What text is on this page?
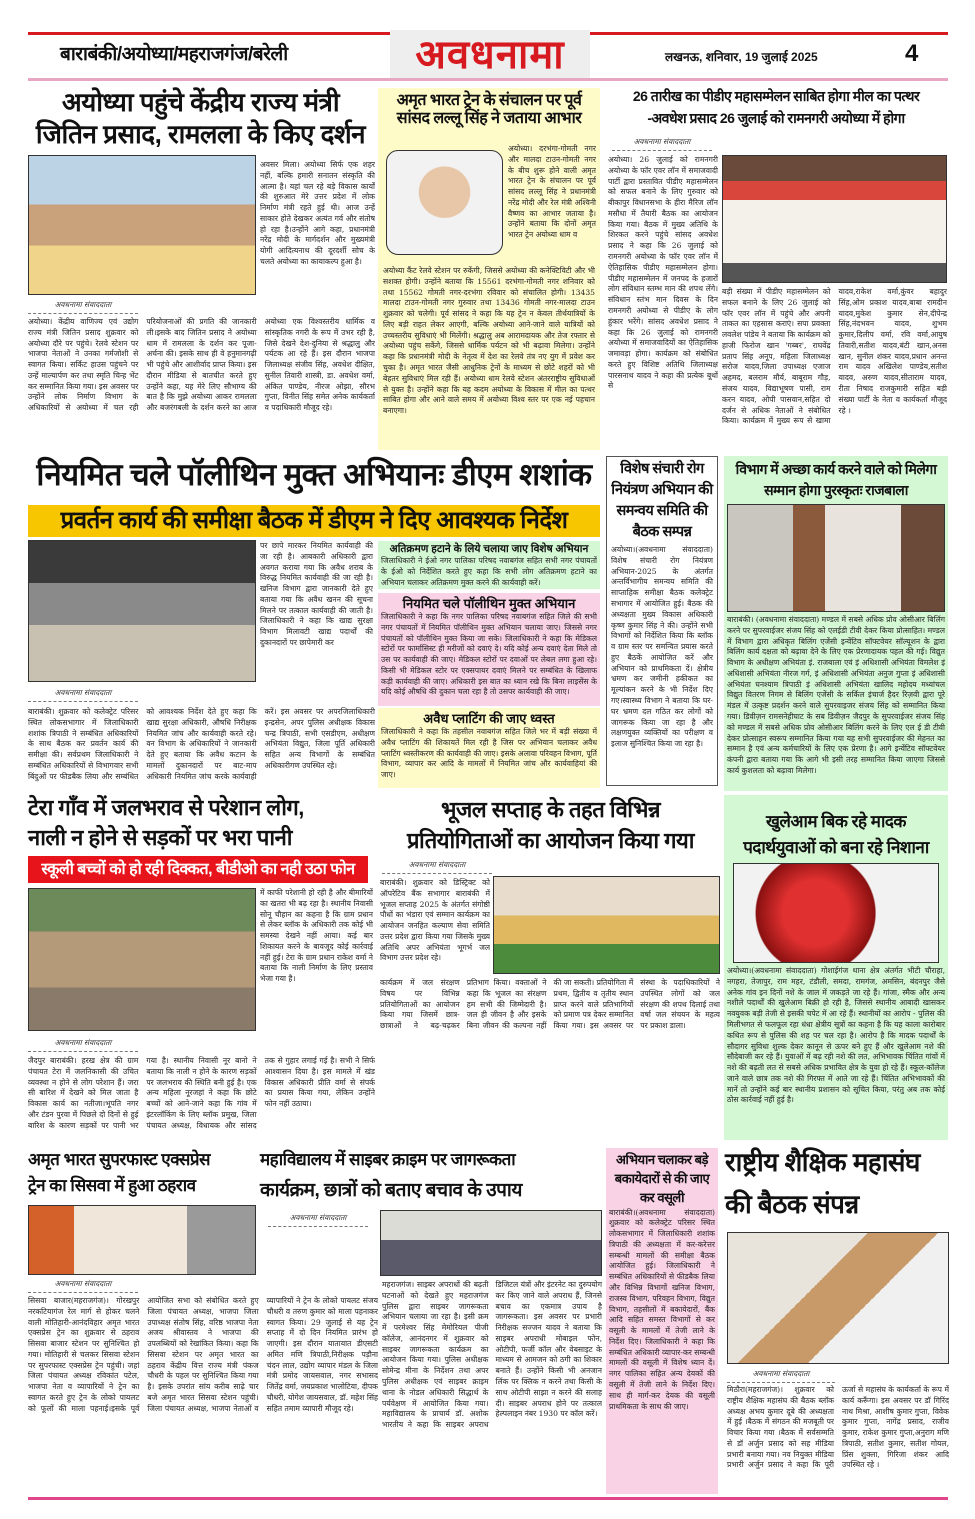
बाराबंकी/अयोध्या/महराजगंज/बरेली	अवधनामा	लखनऊ, शनिवार, 19 जुलाई 2025	4
अयोध्या पहुंचे केंद्रीय राज्य मंत्री
जितिन प्रसाद, रामलला के किए दर्शन
अवसर मिला। अयोध्या सिर्फ एक शहर नहीं, बल्कि हमारी सनातन संस्कृति की आत्मा है। यहां चल रहे बड़े विकास कार्यों की शुरुआत मेरे उत्तर प्रदेश में लोक निर्माण मंत्री रहते हुई थी। आज उन्हें साकार होते देखकर अत्यंत गर्व और संतोष हो रहा है।उन्होंने आगे कहा, प्रधानमंत्री नरेंद्र मोदी के मार्गदर्शन और मुख्यमंत्री योगी आदित्यनाथ की दूरदर्शी सोच के चलते अयोध्या का कायाकल्प हुआ है।
अवधनामा संवाददाता
अयोध्या। केंद्रीय वाणिज्य एवं उद्योग राज्य मंत्री जितिन प्रसाद शुक्रवार को अयोध्या दौरे पर पहुंचे। रेलवे स्टेशन पर भाजपा नेताओं ने उनका गर्मजोशी से स्वागत किया। सर्किट हाउस पहुंचने पर उन्हें माल्यार्पण कर तथा स्मृति चिन्ह भेंट कर सम्मानित किया गया। इस अवसर पर उन्होंने लोक निर्माण विभाग के अधिकारियों से अयोध्या में चल रही परियोजनाओं की प्रगति की जानकारी ली।इसके बाद जितिन प्रसाद ने अयोध्या धाम में रामलला के दर्शन कर पूजा-अर्चना की। इसके साथ ही वे हनुमानगढ़ी भी पहुंचे और आशीर्वाद प्राप्त किया। इस दौरान मीडिया से बातचीत करते हुए उन्होंने कहा, यह मेरे लिए सौभाग्य की बात है कि मुझे अयोध्या आकर रामलला और बजरंगबली के दर्शन करने का आज अयोध्या एक विश्वस्तरीय धार्मिक व सांस्कृतिक नगरी के रूप में उभर रही है, जिसे देखने देश-दुनिया से श्रद्धालु और पर्यटक आ रहे हैं। इस दौरान भाजपा जिलाध्यक्ष संजीव सिंह, अवधेश दीक्षित, सुनील तिवारी शास्त्री, डा. अवधेश वर्मा, अंकित पाण्डेय, नीरज ओझा, सौरभ गुप्ता, विनीत सिंह समेत अनेक कार्यकर्ता व पदाधिकारी मौजूद रहे।
अमृत भारत ट्रेन के संचालन पर पूर्व सांसद लल्लू सिंह ने जताया आभार
अयोध्या। दरभंगा-गोमती नगर और मालदा टाउन-गोमती नगर के बीच शुरू होने वाली अमृत भारत ट्रेन के संचालन पर पूर्व सांसद लल्लू सिंह ने प्रधानमंत्री नरेंद्र मोदी और रेल मंत्री अश्विनी वैष्णव का आभार जताया है। उन्होंने बताया कि दोनों अमृत भारत ट्रेन अयोध्या धाम व
अयोध्या कैंट रेलवे स्टेशन पर रुकेंगी, जिससे अयोध्या की कनेक्टिविटी और भी सशक्त होगी। उन्होंने बताया कि 15561 दरभंगा-गोमती नगर शनिवार को तथा 15562 गोमती नगर-दरभंगा रविवार को संचालित होगी। 13435 मालदा टाउन-गोमती नगर गुरुवार तथा 13436 गोमती नगर-मालदा टाउन शुक्रवार को चलेगी। पूर्व सांसद ने कहा कि यह ट्रेन न केवल तीर्थयात्रियों के लिए बड़ी राहत लेकर आएगी, बल्कि अयोध्या आने-जाने वाले यात्रियों को उच्चस्तरीय सुविधाएं भी मिलेंगी। श्रद्धालु अब आरामदायक और तेज रफ्तार से अयोध्या पहुंच सकेंगे, जिससे धार्मिक पर्यटन को भी बढ़ावा मिलेगा। उन्होंने कहा कि प्रधानमंत्री मोदी के नेतृत्व में देश का रेलवे तंत्र नए युग में प्रवेश कर चुका है। अमृत भारत जैसी आधुनिक ट्रेनों के माध्यम से छोटे शहरों को भी बेहतर सुविधाएं मिल रही हैं। अयोध्या धाम रेलवे स्टेशन अंतरराष्ट्रीय सुविधाओं से युक्त है। उन्होंने कहा कि यह कदम अयोध्या के विकास में मील का पत्थर साबित होगा और आने वाले समय में अयोध्या विश्व स्तर पर एक नई पहचान बनाएगा।
26 तारीख का पीडीए महासम्मेलन साबित होगा मील का पत्थर
-अवधेश प्रसाद 26 जुलाई को रामनगरी अयोध्या में होगा
अवधनामा संवाददाता
अयोध्या। 26 जुलाई को रामनगरी अयोध्या के फॉर एवर लॉन में समाजवादी पार्टी द्वारा प्रस्तावित पीडीए महासम्मेलन को सफल बनाने के लिए गुरुवार को बीकापुर विधानसभा के हीरा मैरिज लॉन मसौधा में तैयारी बैठक का आयोजन किया गया। बैठक में मुख्य अतिथि के शिरकत करने पहुंचे सांसद अवधेश प्रसाद ने कहा कि 26 जुलाई को रामनगरी अयोध्या के फॉर एवर लॉन में ऐतिहासिक पीडीए महासम्मेलन होगा। पीडीए महासम्मेलन में जनपद के हजारों लोग संविधान स्तम्भ मान की शपथ लेंगे। संविधान स्तंभ मान दिवस के दिन रामनगरी अयोध्या से पीडीए के लोग हुंकार भरेंगे। सांसद अवधेश प्रसाद ने कहा कि 26 जुलाई को रामनगरी अयोध्या में समाजवादियों का ऐतिहासिक जमावड़ा होगा। कार्यक्रम को संबोधित करते हुए विशिष्ट अतिथि जिलाध्यक्ष पारसनाथ यादव ने कहा की प्रत्येक बूथों से
बड़ी संख्या में पीडीए महासम्मेलन को सफल बनाने के लिए 26 जुलाई को फॉर एवर लॉन में पहुंचे और अपनी ताकत का एहसास कराएं। सपा प्रवक्ता लवलेश पांडेय ने बताया कि कार्यक्रम को हाजी फिरोज खान 'गब्बर', राघवेंद्र प्रताप सिंह अनूप, महिला जिलाध्यक्ष सरोज यादव,जिला उपाध्यक्ष एजाज अहमद, बलराम मौर्य, बाबूराम गौड़, संजय यादव, विद्याभूषण पासी, राम करन यादव, ओपी पासवान,सहित दो दर्जन से अधिक नेताओं ने संबोधित किया। कार्यक्रम में मुख्य रूप से खामा यादव,राकेश वर्मा,कुंवर बहादुर सिंह,ओम प्रकाश यादव,बाबा रामदीन यादव,मुकेश कुमार सेन,दीपेन्द्र सिंह,नंदभवन यादव, शुभम कुमार,दिलीप वर्मा, रवि वर्मा,आयुष तिवारी,सतीश यादव,बंटी खान,अनस खान, सुनील शंकर यादव,प्रधान अनन्त राम यादव अखिलेश पाण्डेय,सतीश यादव, अरुण यादव,सीताराम यादव, रीता निषाद राजकुमारी सहित बड़ी संख्या पार्टी के नेता व कार्यकर्ता मौजूद रहे ।
नियमित चले पॉलीथिन मुक्त अभियानः डीएम शशांक
प्रवर्तन कार्य की समीक्षा बैठक में डीएम ने दिए आवश्यक निर्देश
पर छापे मारकर नियमित कार्यवाही की जा रही है। आबकारी अधिकारी द्वारा अवगत कराया गया कि अवैध शराब के विरुद्ध नियमित कार्यवाही की जा रही है। खनिज विभाग द्वारा जानकारी देते हुए बताया गया कि अवैध खनन की सूचना मिलने पर तत्काल कार्यवाही की जाती है। जिलाधिकारी ने कहा कि खाद्य सुरक्षा विभाग मिलावटी खाद्य पदार्थों की दुकानदारों पर छापेमारी कर
अवधनामा संवाददाता
बाराबंकी। शुक्रवार को कलेक्ट्रेट परिसर स्थित लोकसभागार में जिलाधिकारी शशांक त्रिपाठी ने सम्बंधित अधिकारियों के साथ बैठक कर प्रवर्तन कार्य की समीक्षा की। सर्वप्रथम जिलाधिकारी ने सम्बंधित अधिकारियों से विभागवार सभी बिंदुओं पर फीडबैक लिया और सम्बंधित को आवश्यक निर्देश देते हुए कहा कि खाद्य सुरक्षा अधिकारी, औषधि निरीक्षक नियमित जांच और कार्यवाही करते रहे। वन विभाग के अधिकारियों ने जानकारी देते हुए बताया कि अवैध कटान के मामलों दुकानदारों पर बाट-माप अधिकारी नियमित जांच करके कार्यवाही करें। इस अवसर पर अपरजिलाधिकारी इन्द्रसेन, अपर पुलिस अधीक्षक विकास चन्द्र त्रिपाठी, सभी एसडीएम, अधीक्षण अभियंता विद्युत, जिला पूर्ति अधिकारी सहित अन्य विभागों के सम्बंधित अधिकारीगण उपस्थित रहे।
अतिक्रमण हटाने के लिये चलाया जाए विशेष अभियान
जिलाधिकारी ने ईओ नगर पालिका परिषद नवाबगंज सहित सभी नगर पंचायतों के ईओ को निर्देशित करते हुए कहा कि सभी लोग अतिक्रमण हटाने का अभियान चलाकर अतिक्रमण मुक्त करने की कार्यवाही करें।
नियमित चले पॉलीथिन मुक्त अभियान
जिलाधिकारी ने कहा कि नगर पालिका परिषद नवाबगंज सहित जिले की सभी नगर पंचायतों में नियमित पॉलीथिन मुक्त अभियान चलाया जाए। जिससे नगर पंचायतों को पॉलीथिन मुक्त किया जा सके। जिलाधिकारी ने कहा कि मेडिकल स्टोरों पर फार्मासिस्ट ही मरीजों को दवाएं दे। यदि कोई अन्य दवाएं देता मिले तो उस पर कार्यवाही की जाए। मेडिकल स्टोरों पर दवाओं पर लेबल लगा हुआ रहे। किसी भी मेडिकल स्टोर पर एक्सपायर दवाएं मिलने पर सम्बंधित के खिलाफ कड़ी कार्यवाही की जाए। अधिकारी इस बात का ध्यान रखे कि बिना लाइसेंस के यदि कोई औषधि की दुकान चला रहा है तो उसपर कार्यवाही की जाए।
अवैध प्लाटिंग की जाए ध्वस्त
जिलाधिकारी ने कहा कि तहसील नवाबगंज सहित जिले भर में बड़ी संख्या में अवैध प्लाटिंग की शिकायतें मिल रही है जिस पर अभियान चलाकर अवैध प्लाटिंग ध्वस्तीकरण की कार्यवाही की जाए। इसके अलावा परिवहन विभाग, पूर्ति विभाग, व्यापार कर आदि के मामलों में नियमित जांच और कार्यवाहियां की जाए।
विशेष संचारी रोग नियंत्रण अभियान की समन्वय समिति की बैठक सम्पन्न
अयोध्या।(अवधनामा संवाददाता) विशेष संचारी रोग नियंत्रण अभियान-2025 के अंतर्गत अन्तर्विभागीय समन्वय समिति की साप्ताहिक समीक्षा बैठक कलेक्ट्रेट सभागार में आयोजित हुई। बैठक की अध्यक्षता मुख्य विकास अधिकारी कृष्ण कुमार सिंह ने की। उन्होंने सभी विभागों को निर्देशित किया कि ब्लॉक व ग्राम स्तर पर समन्वित प्रयास करते हुए बैठकें आयोजित करें और अभियान को प्राथमिकता दें। क्षेत्रीय भ्रमण कर जमीनी हकीकत का मूल्यांकन करने के भी निर्देश दिए गए।स्वास्थ्य विभाग ने बताया कि घर-घर भ्रमण दल गठित कर लोगों को जागरूक किया जा रहा है और लक्षणयुक्त व्यक्तियों का परीक्षण व इलाज सुनिश्चित किया जा रहा है।
विभाग में अच्छा कार्य करने वाले को मिलेगा सम्मान होगा पुरस्कृतः राजबाला
बाराबंकी। (अवधनामा संवाददाता) मण्डल में सबसे अधिक प्रोव ओसीआर बिलिंग करने पर सुपरवाईजर संजय सिंह को एलईडी टीवी देकर किया प्रोत्साहित। मण्डल में विभाग द्वारा अधिकृत बिलिंग एजेंसी इन्वेंटिव सॉफ्टवेयर सॉल्यूशन के द्वारा बिलिंग कार्य दक्षता को बढ़ावा देने के लिए एक प्रेरणादायक पहल की गई। विद्युत विभाग के अधीक्षण अभियंता इं. राजबाला एवं इं अधिशासी अभियंता विमलेश इं अधिशासी अभियंता नीरज गर्ग, इं अधिशासी अभियंता अनुज गुप्ता इं अधिशासी अभियंता घनश्याम त्रिपाठी इं अधिशासी अभियंता खालिद महोदय मध्यांचल विद्युत वितरण निगम से बिलिंग एजेंसी के सर्किल इंचार्ज हैदर रिज़वी द्वारा पूरे मंडल में उत्कृष्ट प्रदर्शन करने वाले सुपरवाइजर संजय सिंह को सम्मानित किया गया। डिवीज़न रामसनेहीघाट के सब डिवीज़न जैदपुर के सुपरवाईजर संजय सिंह को मण्डल में सबसे अधिक प्रोव ओसीआर बिलिंग करने के लिए एल ई डी टीवी देकर प्रोत्साहन स्वरूप सम्मानित किया गया यह सभी सुपरवाईजर की मेहनत का सम्मान है एवं अन्य कर्मचारियों के लिए एक प्रेरणा है। आगे इन्वेंटिव सॉफ्टवेयर कंपनी द्वारा बताया गया कि आगे भी इसी तरह सम्मानित किया जाएगा जिससे कार्य कुशलता को बढ़ावा मिलेगा।
टेरा गाँव में जलभराव से परेशान लोग,
नाली न होने से सड़कों पर भरा पानी
स्कूली बच्चों को हो रही दिक्कत, बीडीओ का नही उठा फोन
में काफी परेशानी हो रही है और बीमारियों का खतरा भी बढ़ रहा है। स्थानीय निवासी सोनू चौहान का कहना है कि ग्राम प्रधान से लेकर ब्लॉक के अधिकारी तक कोई भी समस्या देखने नहीं आया। कई बार शिकायत करने के बावजूद कोई कार्रवाई नहीं हुई। टेरा के ग्राम प्रधान राकेश वर्मा ने बताया कि नाली निर्माण के लिए प्रस्ताव भेजा गया है।
अवधनामा संवाददाता
जैदपुर बाराबंकी। हरख क्षेत्र की ग्राम पंचायत टेरा में जलनिकासी की उचित व्यवस्था न होने से लोग परेशान हैं। जरा सी बारिश में देखने को मिल जाता है विकास कार्य का नतीजा।भूपति नगर और टंडन पुरवा में पिछले दो दिनों से हुई बारिश के कारण सड़कों पर पानी भर गया है। स्थानीय निवासी नूर बानो ने बताया कि नाली न होने के कारण सड़कों पर जलभराव की स्थिति बनी हुई है। एक अन्य महिला नूरजहां ने कहा कि छोटे बच्चों को आने-जाने कहा कि गांव में इंटरलॉकिंग के लिए ब्लॉक प्रमुख, जिला पंचायत अध्यक्ष, विधायक और सांसद तक से गुहार लगाई गई है। सभी ने सिर्फ आश्वासन दिया है। इस मामले में खंड विकास अधिकारी प्रीति वर्मा से संपर्क का प्रयास किया गया, लेकिन उन्होंने फोन नहीं उठाया।
भूजल सप्ताह के तहत विभिन्न
प्रतियोगिताओं का आयोजन किया गया
अवधनामा संवाददाता
बाराबंकी। शुक्रवार को डिस्ट्रिक्ट को ऑपरेटिव बैंक सभागार बाराबंकी में भूजल सप्ताह 2025 के अंतर्गत संगोष्ठी पौधों का भंडारा एवं सम्मान कार्यक्रम का आयोजन जनहित कल्याण सेवा समिति उत्तर प्रदेश द्वारा किया गया जिसके मुख्य अतिथि अपर अभियंता भूगर्भ जल विभाग उत्तर प्रदेश रहे।
कार्यक्रम में जल संरक्षण विषय पर विभिन्न प्रतियोगिताओं का आयोजन किया गया जिसमें छात्र-छात्राओं ने बढ़-चढ़कर प्रतिभाग किया। वक्ताओं ने कहा कि भूजल का संरक्षण हम सभी की जिम्मेदारी है। जल ही जीवन है और इसके बिना जीवन की कल्पना नहीं की जा सकती। प्रतियोगिता में प्रथम, द्वितीय व तृतीय स्थान प्राप्त करने वाले प्रतिभागियों को प्रमाण पत्र देकर सम्मानित किया गया। इस अवसर पर संस्था के पदाधिकारियों ने उपस्थित लोगों को जल संरक्षण की शपथ दिलाई तथा वर्षा जल संचयन के महत्व पर प्रकाश डाला।
खुलेआम बिक रहे मादक
पदार्थयुवाओं को बना रहे निशाना
अयोध्या।(अवधनामा संवाददाता) गोशाईगंज थाना क्षेत्र अंतर्गत भीटी चौराहा, नगहरा, तेजापुर, राम महर, टंडौली, समदा, रामगंज, अमसिन, बंदनपुर जैसे अनेक गांव इन दिनों नशे के जाल में जकड़ते जा रहे हैं। गांजा, स्मैक और अन्य नशीले पदार्थों की खुलेआम बिक्री हो रही है, जिससे स्थानीय आबादी खासकर नवयुवक बड़ी तेजी से इसकी चपेट में आ रहे हैं। स्थानीयों का आरोप - पुलिस की मिलीभगत से फलफूल रहा धंधा क्षेत्रीय सूत्रों का कहना है कि यह काला कारोबार कथित रूप से पुलिस की शह पर चल रहा है। आरोप है कि मादक पदार्थों के सौदागर सुविधा शुल्क देकर कानून से ऊपर बने हुए हैं और खुलेआम नशे की सौदेबाजी कर रहे हैं। युवाओं में बढ़ रही नशे की लत, अभिभावक चिंतित गांवों में नशे की बढ़ती लत से सबसे अधिक प्रभावित क्षेत्र के युवा हो रहे हैं। स्कूल-कॉलेज जाने वाले छात्र तक नशे की गिरफ्त में आते जा रहे हैं। चिंतित अभिभावकों की मानें तो उन्होंने कई बार स्थानीय प्रशासन को सूचित किया, परंतु अब तक कोई ठोस कार्रवाई नहीं हुई है।
अमृत भारत सुपरफास्ट एक्सप्रेस
ट्रेन का सिसवा में हुआ ठहराव
अवधनामा संवाददाता
सिसवा बाजार(महराजगंज)। गोरखपुर नरकटियागंज रेल मार्ग से होकर चलने वाली मोतिहारी-आनंदविहार अमृत भारत एक्सप्रेस ट्रेन का शुक्रवार से ठहराव सिसवा बाजार स्टेशन पर सुनिश्चित हो गया। मोतिहारी से चलकर सिसवा स्टेशन पर सुपरफास्ट एक्सप्रेस ट्रेन पहुंची। जहां जिला पंचायत अध्यक्ष रविकांत पटेल, भाजपा नेता व व्यापारियों ने ट्रेन का स्वागत करते हुए ट्रेन के लोको पायलट को फूलों की माला पहनाई।इसके पूर्व आयोजित सभा को संबोधित करते हुए जिला पंचायत अध्यक्ष, भाजपा जिला उपाध्यक्ष संतोष सिंह, वरिष्ठ भाजपा नेता अजय श्रीवास्तव ने भाजपा की उपलब्धियों को रेखांकित किया। कहा कि सिसवा स्टेशन पर अमृत भारत का ठहराव केंद्रीय वित्त राज्य मंत्री पंकज चौधरी के पहल पर सुनिश्चित किया गया है। इसके उपरांत सांय करीब साढ़े चार बजे अमृत भारत सिसवा स्टेशन पहुंची। जिला पंचायत अध्यक्ष, भाजपा नेताओं व व्यापारियों ने ट्रेन के लोको पायलट संजय चौधरी व तरुण कुमार को माला पहनाकर स्वागत किया। 29 जुलाई से यह ट्रेन सप्ताह में दो दिन नियमित प्रारंभ हो जाएगी। इस दौरान यातायात डीएसटी अमित मणि त्रिपाठी,निरीक्षक पड़ौना चंदन लाल, उद्योग व्यापार मंडल के जिला मंत्री प्रमोद जायसवाल, नगर सभासद जितेंद्र वर्मा, जयप्रकाश भालोटिया, दीपक चौधरी, योगेश जायसवाल, डॉ. महेश सिंह सहित तमाम व्यापारी मौजूद रहे।
महाविद्यालय में साइबर क्राइम पर जागरूकता
कार्यक्रम, छात्रों को बताए बचाव के उपाय
अवधनामा संवाददाता
महराजगंज। साइबर अपराधों की बढ़ती घटनाओं को देखते हुए महराजगंज पुलिस द्वारा साइबर जागरूकता अभियान चलाया जा रहा है। इसी क्रम में परमेश्वर सिंह मेमोरियल पीजी कॉलेज, आनंदनगर में शुक्रवार को साइबर जागरूकता कार्यक्रम का आयोजन किया गया। पुलिस अधीक्षक सोमेन्द्र मीना के निर्देशन तथा अपर पुलिस अधीक्षक एवं साइबर क्राइम थाना के नोडल अधिकारी सिद्धार्थ के पर्यवेक्षण में आयोजित किया गया। महाविद्यालय के प्राचार्य डॉ. अशोक भारतीय ने कहा कि साइबर अपराध डिजिटल यंत्रों और इंटरनेट का दुरुपयोग कर किए जाने वाले अपराध हैं, जिनसे बचाव का एकमात्र उपाय है जागरूकता। इस अवसर पर प्रभारी निरीक्षक सज्जन यादव ने बताया कि साइबर अपराधी मोबाइल फोन, ओटीपी, फर्जी कॉल और वेबसाइट के माध्यम से आमजन को ठगी का शिकार बनाते हैं। उन्होंने किसी भी अनजान लिंक पर क्लिक न करने तथा किसी के साथ ओटीपी साझा न करने की सलाह दी। साइबर अपराध होने पर तत्काल हेल्पलाइन नंबर 1930 पर कॉल करें।
अभियान चलाकर बड़े बकायेदारों से की जाए कर वसूली
बाराबंकी।(अवधनामा संवाददाता) शुक्रवार को कलेक्ट्रेट परिसर स्थित लोकसभागार में जिलाधिकारी शशांक त्रिपाठी की अध्यक्षता में कर-करेत्तर सम्बन्धी मामलों की समीक्षा बैठक आयोजित हुई। जिलाधिकारी ने सम्बंधित अधिकारियों से फीडबैक लिया और विभिन्न विभागों खनिज विभाग, राजस्व विभाग, परिवहन विभाग, विद्युत विभाग, तहसीलों में बकायेदारों, बैंक आदि सहित समस्त विभागों से कर वसूली के मामलों में तेजी लाने के निर्देश दिए। जिलाधिकारी ने कहा कि सम्बंधित अधिकारी व्यापार-कर सम्बन्धी मामलों की वसूली में विशेष ध्यान दें। नगर पालिका सहित अन्य देयकों की वसूली में तेजी लाने के निर्देश दिए। साथ ही मार्ग-कर देयक की वसूली प्राथमिकता के साथ की जाए।
राष्ट्रीय शैक्षिक महासंघ
की बैठक संपन्न
अवधनामा संवाददाता
मिठौरा(महराजगंज)। शुक्रवार को राष्ट्रीय शैक्षिक महासंघ की बैठक ब्लॉक अध्यक्ष अभय कुमार दूबे की अध्यक्षता में हुई ।बैठक में संगठन की मजबूती पर विचार किया गया ।बैठक में सर्वसम्मति से डॉ अर्जुन प्रसाद को सह मीडिया प्रभारी बनाया गया। नव नियुक्त मीडिया प्रभारी अर्जुन प्रसाद ने कहा कि पूरी ऊर्जा से महासंघ के कार्यकर्ता के रूप में कार्य करूँगा। इस अवसर पर डॉ गिरिंद नाथ मिश्रा, आशीष कुमार गुप्ता, विवेक कुमार गुप्ता, नागेंद्र प्रसाद, राजीव कुमार, राकेश कुमार गुप्ता,अनुराग मणि त्रिपाठी, सतीश कुमार, सतीश गोयल, प्रिंस शुक्ला, गिरिजा शंकर आदि उपस्थित रहे ।
